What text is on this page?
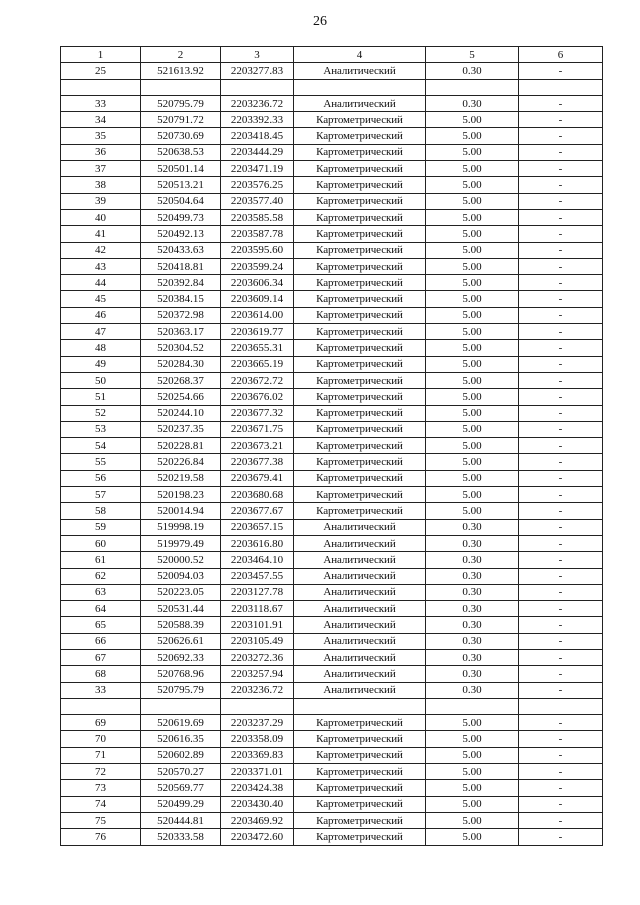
26
1	2	3	4	5	6
25	521613.92	2203277.83	Аналитический	0.30	-

33	520795.79	2203236.72	Аналитический	0.30	-
34	520791.72	2203392.33	Картометрический	5.00	-
35	520730.69	2203418.45	Картометрический	5.00	-
36	520638.53	2203444.29	Картометрический	5.00	-
37	520501.14	2203471.19	Картометрический	5.00	-
38	520513.21	2203576.25	Картометрический	5.00	-
39	520504.64	2203577.40	Картометрический	5.00	-
40	520499.73	2203585.58	Картометрический	5.00	-
41	520492.13	2203587.78	Картометрический	5.00	-
42	520433.63	2203595.60	Картометрический	5.00	-
43	520418.81	2203599.24	Картометрический	5.00	-
44	520392.84	2203606.34	Картометрический	5.00	-
45	520384.15	2203609.14	Картометрический	5.00	-
46	520372.98	2203614.00	Картометрический	5.00	-
47	520363.17	2203619.77	Картометрический	5.00	-
48	520304.52	2203655.31	Картометрический	5.00	-
49	520284.30	2203665.19	Картометрический	5.00	-
50	520268.37	2203672.72	Картометрический	5.00	-
51	520254.66	2203676.02	Картометрический	5.00	-
52	520244.10	2203677.32	Картометрический	5.00	-
53	520237.35	2203671.75	Картометрический	5.00	-
54	520228.81	2203673.21	Картометрический	5.00	-
55	520226.84	2203677.38	Картометрический	5.00	-
56	520219.58	2203679.41	Картометрический	5.00	-
57	520198.23	2203680.68	Картометрический	5.00	-
58	520014.94	2203677.67	Картометрический	5.00	-
59	519998.19	2203657.15	Аналитический	0.30	-
60	519979.49	2203616.80	Аналитический	0.30	-
61	520000.52	2203464.10	Аналитический	0.30	-
62	520094.03	2203457.55	Аналитический	0.30	-
63	520223.05	2203127.78	Аналитический	0.30	-
64	520531.44	2203118.67	Аналитический	0.30	-
65	520588.39	2203101.91	Аналитический	0.30	-
66	520626.61	2203105.49	Аналитический	0.30	-
67	520692.33	2203272.36	Аналитический	0.30	-
68	520768.96	2203257.94	Аналитический	0.30	-
33	520795.79	2203236.72	Аналитический	0.30	-

69	520619.69	2203237.29	Картометрический	5.00	-
70	520616.35	2203358.09	Картометрический	5.00	-
71	520602.89	2203369.83	Картометрический	5.00	-
72	520570.27	2203371.01	Картометрический	5.00	-
73	520569.77	2203424.38	Картометрический	5.00	-
74	520499.29	2203430.40	Картометрический	5.00	-
75	520444.81	2203469.92	Картометрический	5.00	-
76	520333.58	2203472.60	Картометрический	5.00	-
